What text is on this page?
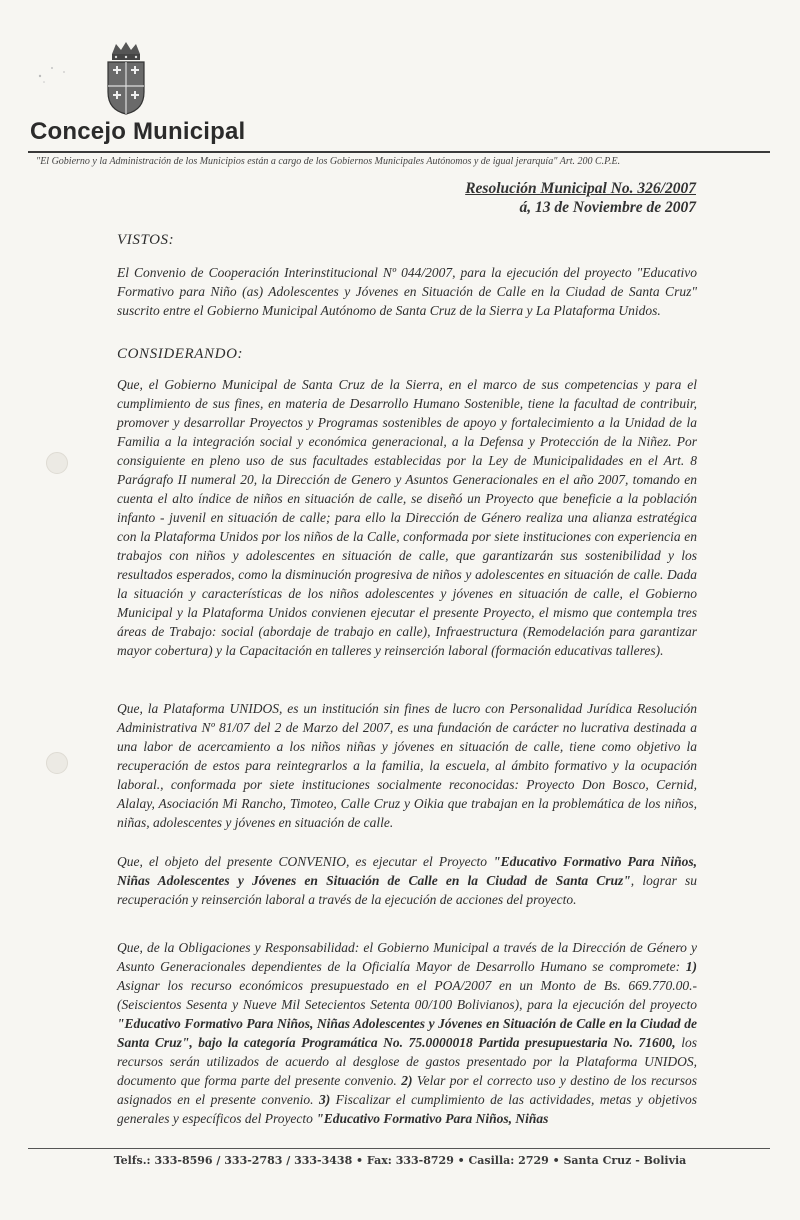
Concejo Municipal
"El Gobierno y la Administración de los Municipios están a cargo de los Gobiernos Municipales Autónomos y de igual jerarquía" Art. 200 C.P.E.
Resolución Municipal No. 326/2007
á, 13 de Noviembre de 2007
VISTOS:

El Convenio de Cooperación Interinstitucional Nº 044/2007, para la ejecución del proyecto "Educativo Formativo para Niño (as) Adolescentes y Jóvenes en Situación de Calle en la Ciudad de Santa Cruz" suscrito entre el Gobierno Municipal Autónomo de Santa Cruz de la Sierra y La Plataforma Unidos.

CONSIDERANDO:

Que, el Gobierno Municipal de Santa Cruz de la Sierra, en el marco de sus competencias y para el cumplimiento de sus fines, en materia de Desarrollo Humano Sostenible, tiene la facultad de contribuir, promover y desarrollar Proyectos y Programas sostenibles de apoyo y fortalecimiento a la Unidad de la Familia a la integración social y económica generacional, a la Defensa y Protección de la Niñez. Por consiguiente en pleno uso de sus facultades establecidas por la Ley de Municipalidades en el Art. 8 Parágrafo II numeral 20, la Dirección de Genero y Asuntos Generacionales en el año 2007, tomando en cuenta el alto índice de niños en situación de calle, se diseñó un Proyecto que beneficie a la población infanto - juvenil en situación de calle; para ello la Dirección de Género realiza una alianza estratégica con la Plataforma Unidos por los niños de la Calle, conformada por siete instituciones con experiencia en trabajos con niños y adolescentes en situación de calle, que garantizarán sus sostenibilidad y los resultados esperados, como la disminución progresiva de niños y adolescentes en situación de calle. Dada la situación y características de los niños adolescentes y jóvenes en situación de calle, el Gobierno Municipal y la Plataforma Unidos convienen ejecutar el presente Proyecto, el mismo que contempla tres áreas de Trabajo: social (abordaje de trabajo en calle), Infraestructura (Remodelación para garantizar mayor cobertura) y la Capacitación en talleres y reinserción laboral (formación educativas talleres).

Que, la Plataforma UNIDOS, es un institución sin fines de lucro con Personalidad Jurídica Resolución Administrativa Nº 81/07 del 2 de Marzo del 2007, es una fundación de carácter no lucrativa destinada a una labor de acercamiento a los niños niñas y jóvenes en situación de calle, tiene como objetivo la recuperación de estos para reintegrarlos a la familia, la escuela, al ámbito formativo y la ocupación laboral., conformada por siete instituciones socialmente reconocidas: Proyecto Don Bosco, Cernid, Alalay, Asociación Mi Rancho, Timoteo, Calle Cruz y Oikia que trabajan en la problemática de los niños, niñas, adolescentes y jóvenes en situación de calle.

Que, el objeto del presente CONVENIO, es ejecutar el Proyecto "Educativo Formativo Para Niños, Niñas Adolescentes y Jóvenes en Situación de Calle en la Ciudad de Santa Cruz", lograr su recuperación y reinserción laboral a través de la ejecución de acciones del proyecto.

Que, de la Obligaciones y Responsabilidad: el Gobierno Municipal a través de la Dirección de Género y Asunto Generacionales dependientes de la Oficialía Mayor de Desarrollo Humano se compromete: 1) Asignar los recurso económicos presupuestado en el POA/2007 en un Monto de Bs. 669.770.00.- (Seiscientos Sesenta y Nueve Mil Setecientos Setenta 00/100 Bolivianos), para la ejecución del proyecto "Educativo Formativo Para Niños, Niñas Adolescentes y Jóvenes en Situación de Calle en la Ciudad de Santa Cruz", bajo la categoría Programática No. 75.0000018 Partida presupuestaria No. 71600, los recursos serán utilizados de acuerdo al desglose de gastos presentado por la Plataforma UNIDOS, documento que forma parte del presente convenio. 2) Velar por el correcto uso y destino de los recursos asignados en el presente convenio. 3) Fiscalizar el cumplimiento de las actividades, metas y objetivos generales y específicos del Proyecto "Educativo Formativo Para Niños, Niñas

Telfs.: 333-8596 / 333-2783 / 333-3438 • Fax: 333-8729 • Casilla: 2729 • Santa Cruz - Bolivia
